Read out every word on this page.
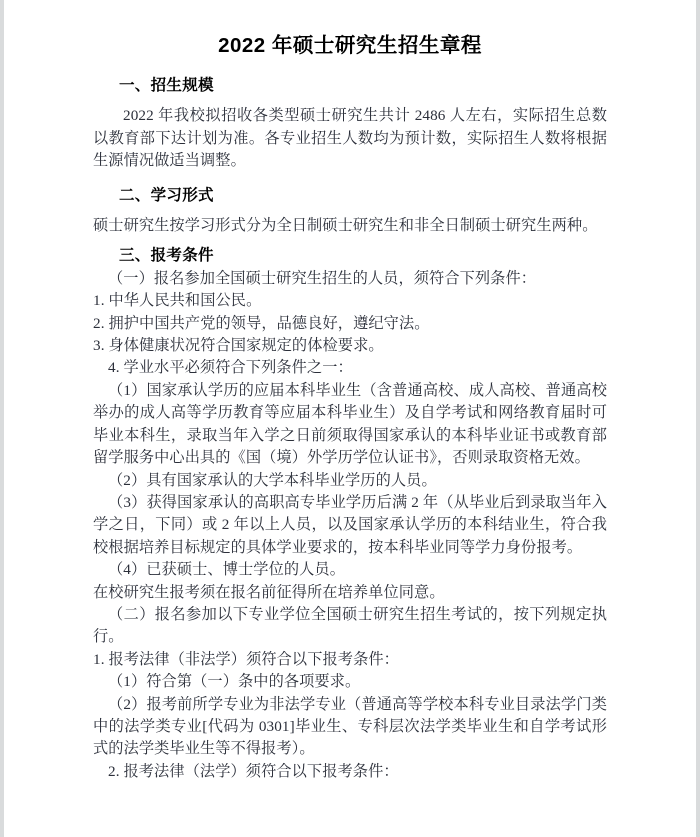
2022 年硕士研究生招生章程
一、招生规模

2022 年我校拟招收各类型硕士研究生共计 2486 人左右，实际招生总数以教育部下达计划为准。各专业招生人数均为预计数，实际招生人数将根据生源情况做适当调整。

二、学习形式

硕士研究生按学习形式分为全日制硕士研究生和非全日制硕士研究生两种。

三、报考条件

（一）报名参加全国硕士研究生招生的人员，须符合下列条件：

1. 中华人民共和国公民。

2. 拥护中国共产党的领导，品德良好，遵纪守法。

3. 身体健康状况符合国家规定的体检要求。

4. 学业水平必须符合下列条件之一：

（1）国家承认学历的应届本科毕业生（含普通高校、成人高校、普通高校举办的成人高等学历教育等应届本科毕业生）及自学考试和网络教育届时可毕业本科生，录取当年入学之日前须取得国家承认的本科毕业证书或教育部留学服务中心出具的《国（境）外学历学位认证书》，否则录取资格无效。

（2）具有国家承认的大学本科毕业学历的人员。

（3）获得国家承认的高职高专毕业学历后满 2 年（从毕业后到录取当年入学之日，下同）或 2 年以上人员，以及国家承认学历的本科结业生，符合我校根据培养目标规定的具体学业要求的，按本科毕业同等学力身份报考。

（4）已获硕士、博士学位的人员。

在校研究生报考须在报名前征得所在培养单位同意。

（二）报名参加以下专业学位全国硕士研究生招生考试的，按下列规定执行。

1. 报考法律（非法学）须符合以下报考条件：

（1）符合第（一）条中的各项要求。

（2）报考前所学专业为非法学专业（普通高等学校本科专业目录法学门类中的法学类专业[代码为 0301]毕业生、专科层次法学类毕业生和自学考试形式的法学类毕业生等不得报考）。

2. 报考法律（法学）须符合以下报考条件：
